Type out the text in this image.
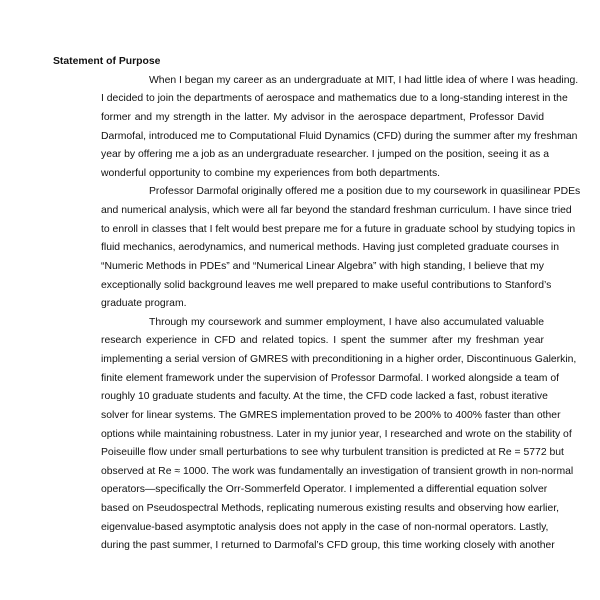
Statement of Purpose
When I began my career as an undergraduate at MIT, I had little idea of where I was heading.
I decided to join the departments of aerospace and mathematics due to a long-standing interest in the
former and my strength in the latter. My advisor in the aerospace department, Professor David
Darmofal, introduced me to Computational Fluid Dynamics (CFD) during the summer after my freshman
year by offering me a job as an undergraduate researcher. I jumped on the position, seeing it as a
wonderful opportunity to combine my experiences from both departments.
Professor Darmofal originally offered me a position due to my coursework in quasilinear PDEs
and numerical analysis, which were all far beyond the standard freshman curriculum. I have since tried
to enroll in classes that I felt would best prepare me for a future in graduate school by studying topics in
fluid mechanics, aerodynamics, and numerical methods. Having just completed graduate courses in
“Numeric Methods in PDEs” and “Numerical Linear Algebra” with high standing, I believe that my
exceptionally solid background leaves me well prepared to make useful contributions to Stanford’s
graduate program.
Through my coursework and summer employment, I have also accumulated valuable
research experience in CFD and related topics. I spent the summer after my freshman year
implementing a serial version of GMRES with preconditioning in a higher order, Discontinuous Galerkin,
finite element framework under the supervision of Professor Darmofal. I worked alongside a team of
roughly 10 graduate students and faculty. At the time, the CFD code lacked a fast, robust iterative
solver for linear systems. The GMRES implementation proved to be 200% to 400% faster than other
options while maintaining robustness. Later in my junior year, I researched and wrote on the stability of
Poiseuille flow under small perturbations to see why turbulent transition is predicted at Re = 5772 but
observed at Re ≈ 1000. The work was fundamentally an investigation of transient growth in non-normal
operators—specifically the Orr-Sommerfeld Operator. I implemented a differential equation solver
based on Pseudospectral Methods, replicating numerous existing results and observing how earlier,
eigenvalue-based asymptotic analysis does not apply in the case of non-normal operators. Lastly,
during the past summer, I returned to Darmofal’s CFD group, this time working closely with another
